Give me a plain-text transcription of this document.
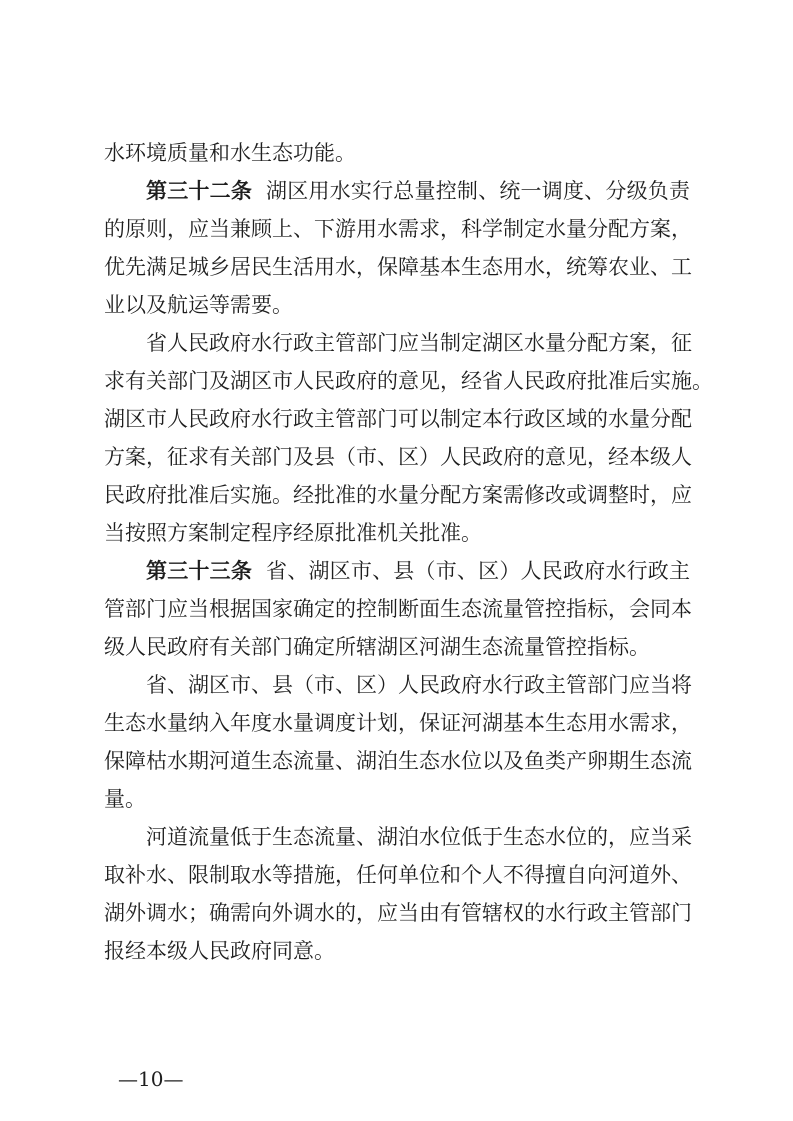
水环境质量和水生态功能。
第三十二条 湖区用水实行总量控制、统一调度、分级负责
的原则，应当兼顾上、下游用水需求，科学制定水量分配方案，
优先满足城乡居民生活用水，保障基本生态用水，统筹农业、工
业以及航运等需要。
省人民政府水行政主管部门应当制定湖区水量分配方案，征
求有关部门及湖区市人民政府的意见，经省人民政府批准后实施。
湖区市人民政府水行政主管部门可以制定本行政区域的水量分配
方案，征求有关部门及县（市、区）人民政府的意见，经本级人
民政府批准后实施。经批准的水量分配方案需修改或调整时，应
当按照方案制定程序经原批准机关批准。
第三十三条 省、湖区市、县（市、区）人民政府水行政主
管部门应当根据国家确定的控制断面生态流量管控指标，会同本
级人民政府有关部门确定所辖湖区河湖生态流量管控指标。
省、湖区市、县（市、区）人民政府水行政主管部门应当将
生态水量纳入年度水量调度计划，保证河湖基本生态用水需求，
保障枯水期河道生态流量、湖泊生态水位以及鱼类产卵期生态流
量。
河道流量低于生态流量、湖泊水位低于生态水位的，应当采
取补水、限制取水等措施，任何单位和个人不得擅自向河道外、
湖外调水；确需向外调水的，应当由有管辖权的水行政主管部门
报经本级人民政府同意。
—10—
